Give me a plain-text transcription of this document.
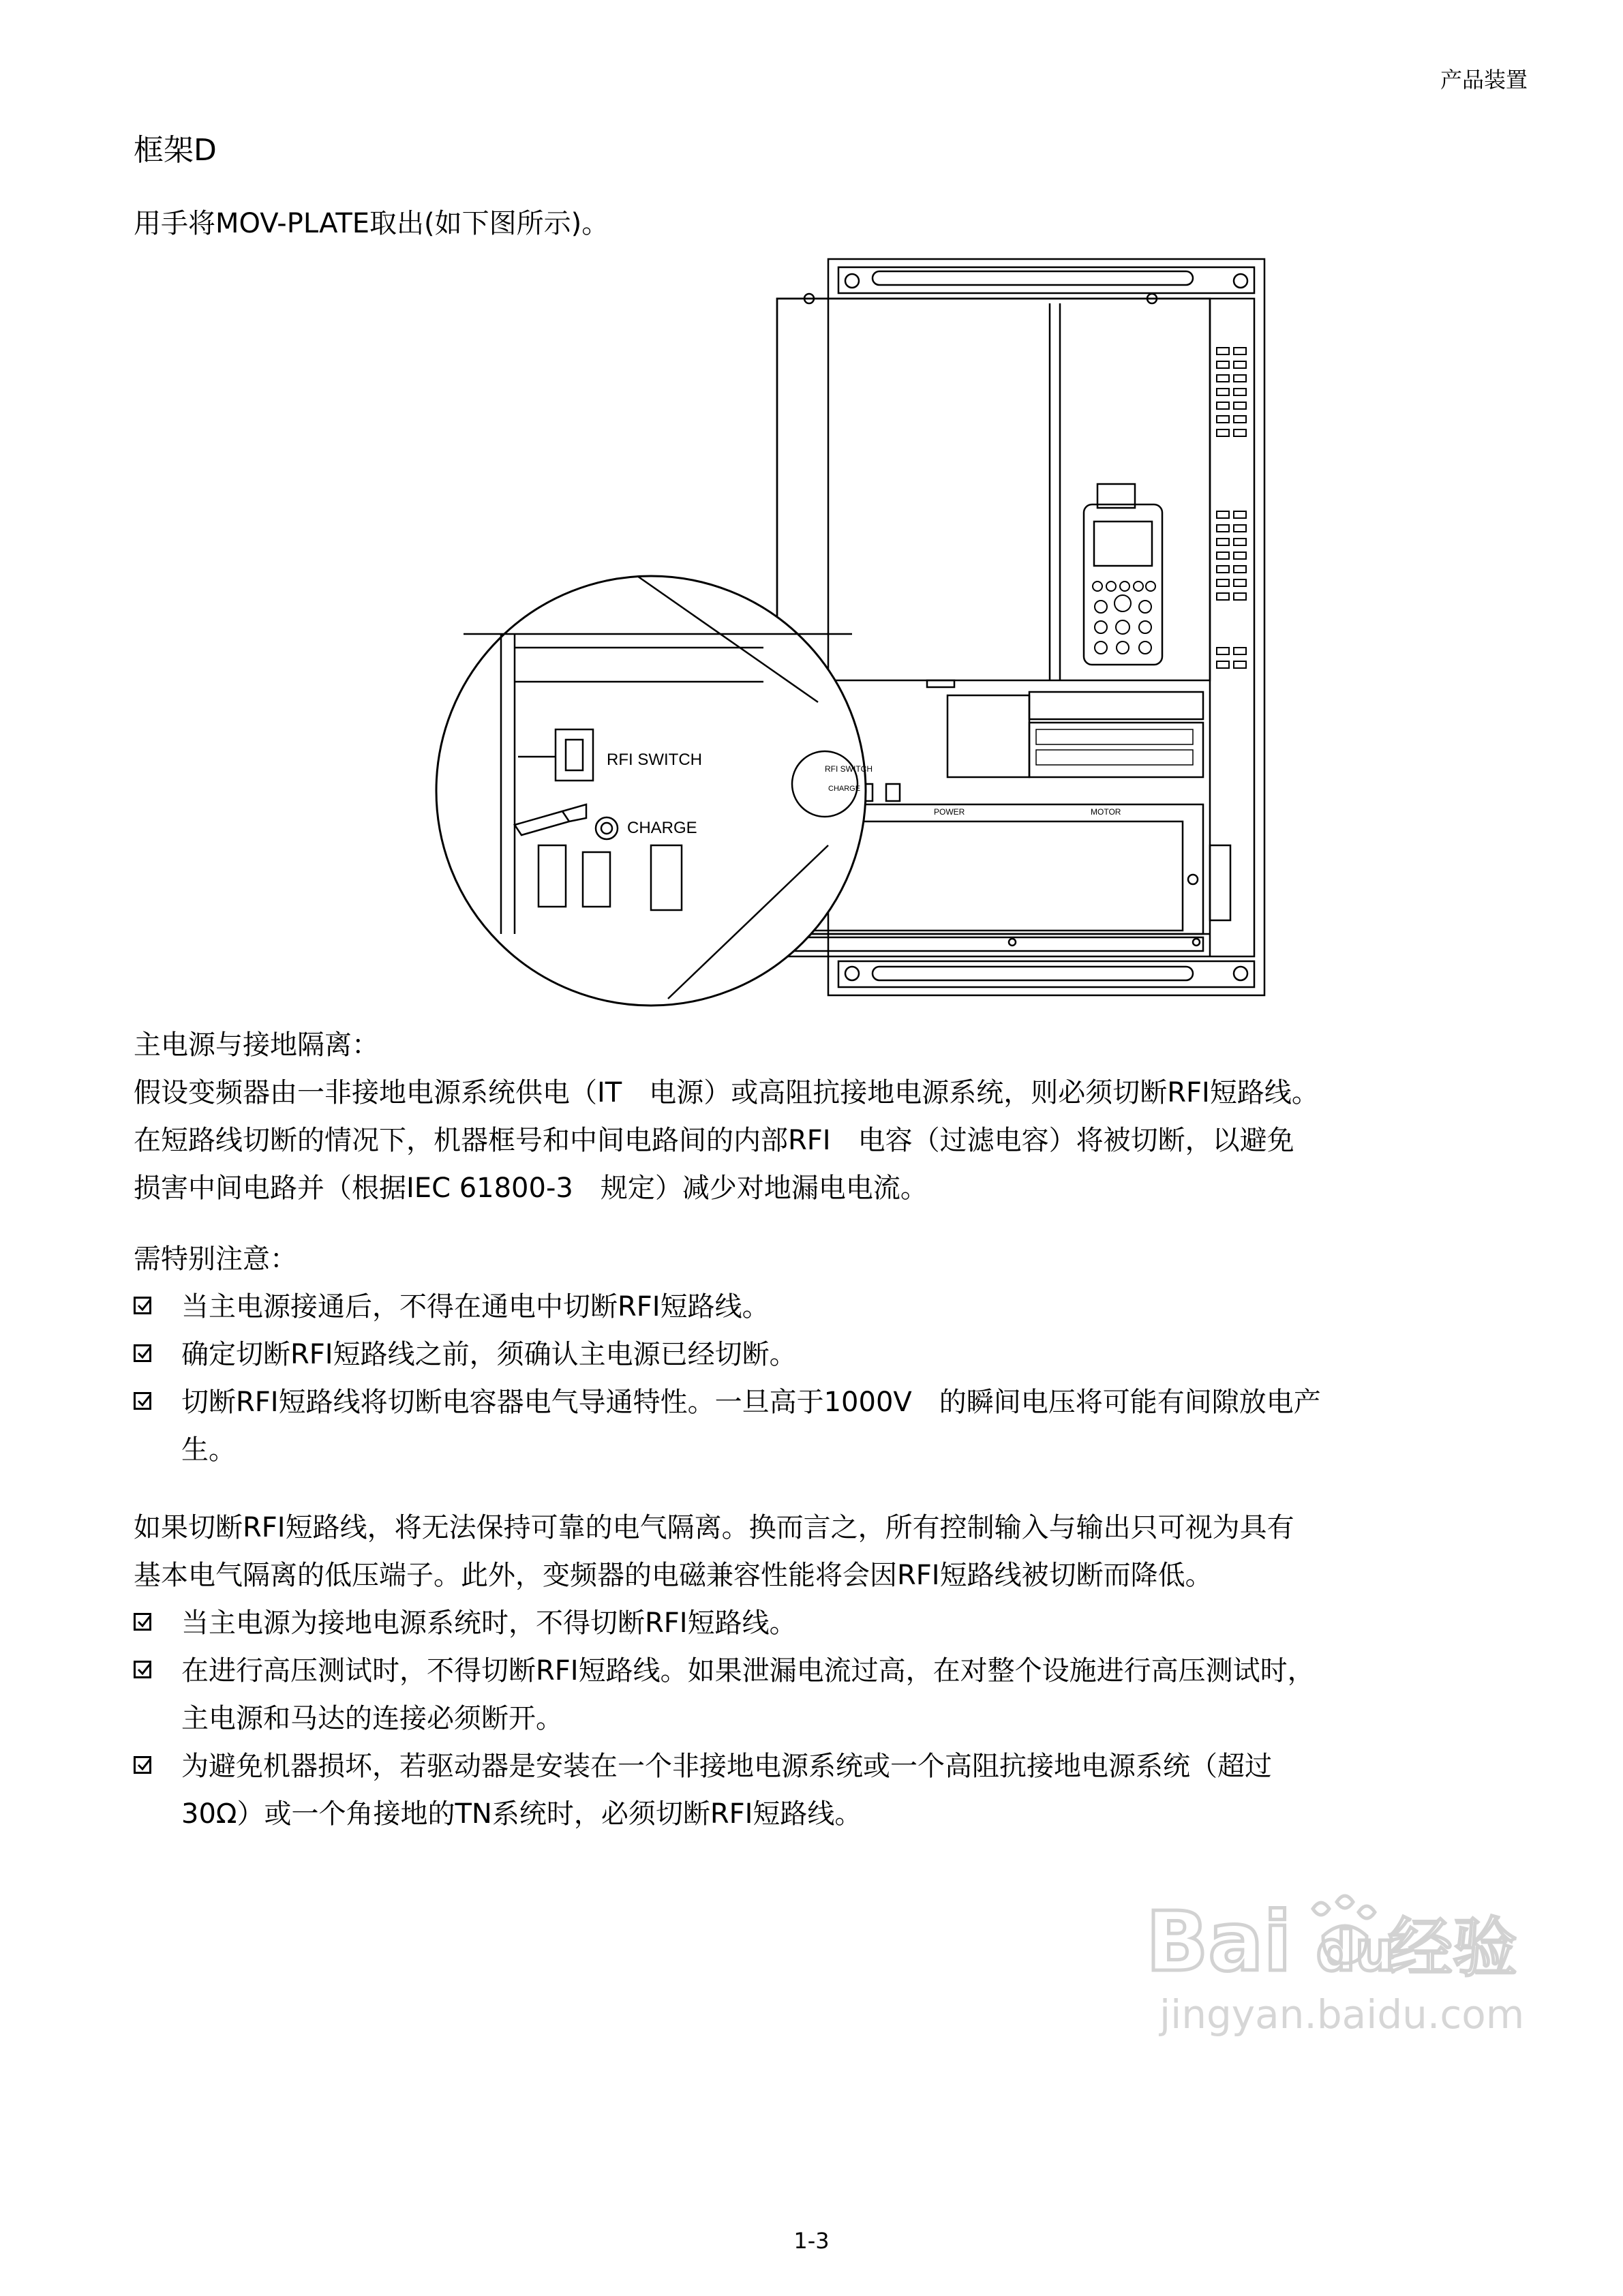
产品装置
框架D
用手将MOV-PLATE取出(如下图所示)。
RFI SWITCH
CHARGE
RFI SWITCH
CHARGE
POWER	MOTOR

主电源与接地隔离：

假设变频器由一非接地电源系统供电（IT　电源）或高阻抗接地电源系统，则必须切断RFI短路线。

在短路线切断的情况下，机器框号和中间电路间的内部RFI　电容（过滤电容）将被切断，以避免

损害中间电路并（根据IEC 61800-3　规定）减少对地漏电电流。

需特别注意：

当主电源接通后，不得在通电中切断RFI短路线。
确定切断RFI短路线之前，须确认主电源已经切断。
切断RFI短路线将切断电容器电气导通特性。一旦高于1000V　的瞬间电压将可能有间隙放电产
生。

如果切断RFI短路线，将无法保持可靠的电气隔离。换而言之，所有控制输入与输出只可视为具有

基本电气隔离的低压端子。此外，变频器的电磁兼容性能将会因RFI短路线被切断而降低。

当主电源为接地电源系统时，不得切断RFI短路线。
在进行高压测试时，不得切断RFI短路线。如果泄漏电流过高，在对整个设施进行高压测试时，
主电源和马达的连接必须断开。
为避免机器损坏，若驱动器是安装在一个非接地电源系统或一个高阻抗接地电源系统（超过
30Ω）或一个角接地的TN系统时，必须切断RFI短路线。
Bai du
经验
jingyan.baidu.com
1-3
